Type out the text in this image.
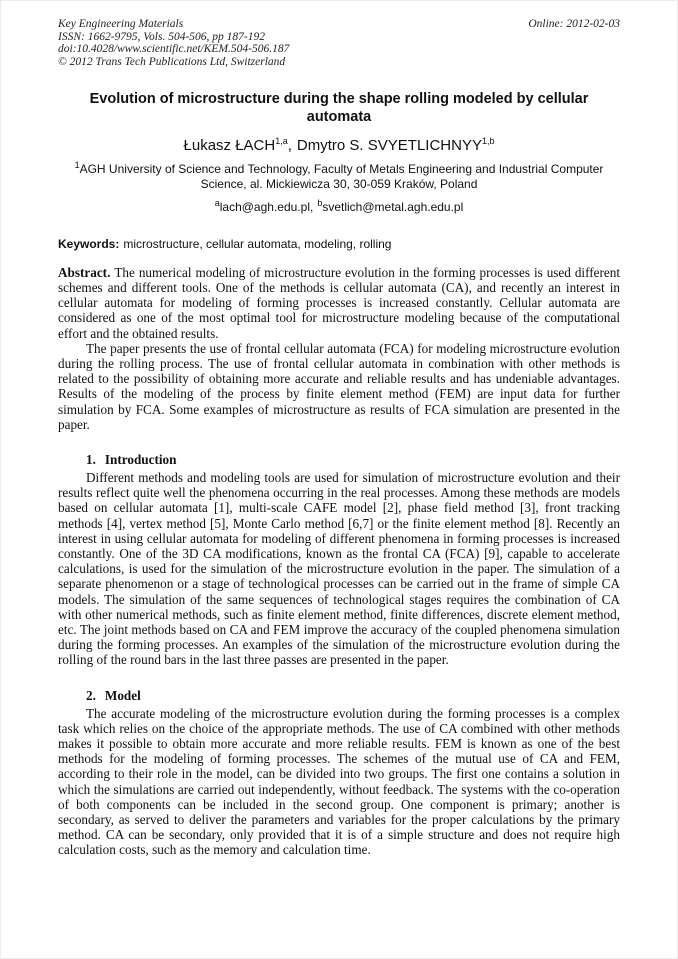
Key Engineering Materials
ISSN: 1662-9795, Vols. 504-506, pp 187-192
doi:10.4028/www.scientific.net/KEM.504-506.187
© 2012 Trans Tech Publications Ltd, Switzerland
Online: 2012-02-03
Evolution of microstructure during the shape rolling modeled by cellular automata
Łukasz ŁACH$^{1,a}$, Dmytro S. SVYETLICHNYY$^{1,b}$
$^1$AGH University of Science and Technology, Faculty of Metals Engineering and Industrial Computer Science, al. Mickiewicza 30, 30-059 Kraków, Poland
$^a$lach@agh.edu.pl, $^b$svetlich@metal.agh.edu.pl
Keywords: microstructure, cellular automata, modeling, rolling

Abstract. The numerical modeling of microstructure evolution in the forming processes is used different schemes and different tools. One of the methods is cellular automata (CA), and recently an interest in cellular automata for modeling of forming processes is increased constantly. Cellular automata are considered as one of the most optimal tool for microstructure modeling because of the computational effort and the obtained results.

The paper presents the use of frontal cellular automata (FCA) for modeling microstructure evolution during the rolling process. The use of frontal cellular automata in combination with other methods is related to the possibility of obtaining more accurate and reliable results and has undeniable advantages. Results of the modeling of the process by finite element method (FEM) are input data for further simulation by FCA. Some examples of microstructure as results of FCA simulation are presented in the paper.

1. Introduction

Different methods and modeling tools are used for simulation of microstructure evolution and their results reflect quite well the phenomena occurring in the real processes. Among these methods are models based on cellular automata [1], multi-scale CAFE model [2], phase field method [3], front tracking methods [4], vertex method [5], Monte Carlo method [6,7] or the finite element method [8]. Recently an interest in using cellular automata for modeling of different phenomena in forming processes is increased constantly. One of the 3D CA modifications, known as the frontal CA (FCA) [9], capable to accelerate calculations, is used for the simulation of the microstructure evolution in the paper. The simulation of a separate phenomenon or a stage of technological processes can be carried out in the frame of simple CA models. The simulation of the same sequences of technological stages requires the combination of CA with other numerical methods, such as finite element method, finite differences, discrete element method, etc. The joint methods based on CA and FEM improve the accuracy of the coupled phenomena simulation during the forming processes. An examples of the simulation of the microstructure evolution during the rolling of the round bars in the last three passes are presented in the paper.

2. Model

The accurate modeling of the microstructure evolution during the forming processes is a complex task which relies on the choice of the appropriate methods. The use of CA combined with other methods makes it possible to obtain more accurate and more reliable results. FEM is known as one of the best methods for the modeling of forming processes. The schemes of the mutual use of CA and FEM, according to their role in the model, can be divided into two groups. The first one contains a solution in which the simulations are carried out independently, without feedback. The systems with the co-operation of both components can be included in the second group. One component is primary; another is secondary, as served to deliver the parameters and variables for the proper calculations by the primary method. CA can be secondary, only provided that it is of a simple structure and does not require high calculation costs, such as the memory and calculation time.
